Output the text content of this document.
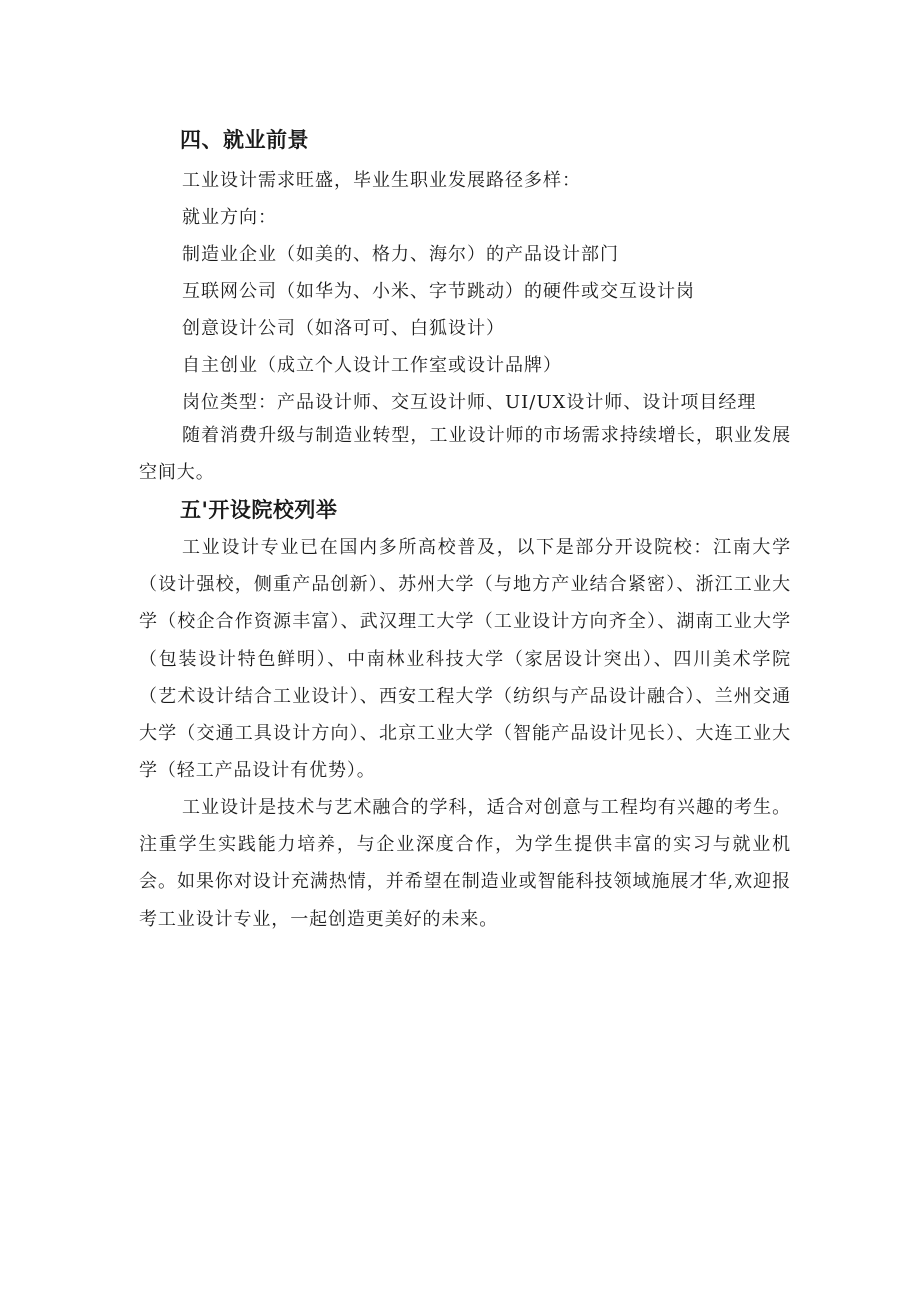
四、就业前景

工业设计需求旺盛，毕业生职业发展路径多样：

就业方向：

制造业企业（如美的、格力、海尔）的产品设计部门

互联网公司（如华为、小米、字节跳动）的硬件或交互设计岗

创意设计公司（如洛可可、白狐设计）

自主创业（成立个人设计工作室或设计品牌）

岗位类型：产品设计师、交互设计师、UI/UX设计师、设计项目经理

随着消费升级与制造业转型，工业设计师的市场需求持续增长，职业发展空间大。

五'开设院校列举

工业设计专业已在国内多所高校普及，以下是部分开设院校：江南大学（设计强校，侧重产品创新）、苏州大学（与地方产业结合紧密）、浙江工业大学（校企合作资源丰富）、武汉理工大学（工业设计方向齐全）、湖南工业大学（包装设计特色鲜明）、中南林业科技大学（家居设计突出）、四川美术学院（艺术设计结合工业设计）、西安工程大学（纺织与产品设计融合）、兰州交通大学（交通工具设计方向）、北京工业大学（智能产品设计见长）、大连工业大学（轻工产品设计有优势）。

工业设计是技术与艺术融合的学科，适合对创意与工程均有兴趣的考生。注重学生实践能力培养，与企业深度合作，为学生提供丰富的实习与就业机会。如果你对设计充满热情，并希望在制造业或智能科技领域施展才华,欢迎报考工业设计专业，一起创造更美好的未来。
